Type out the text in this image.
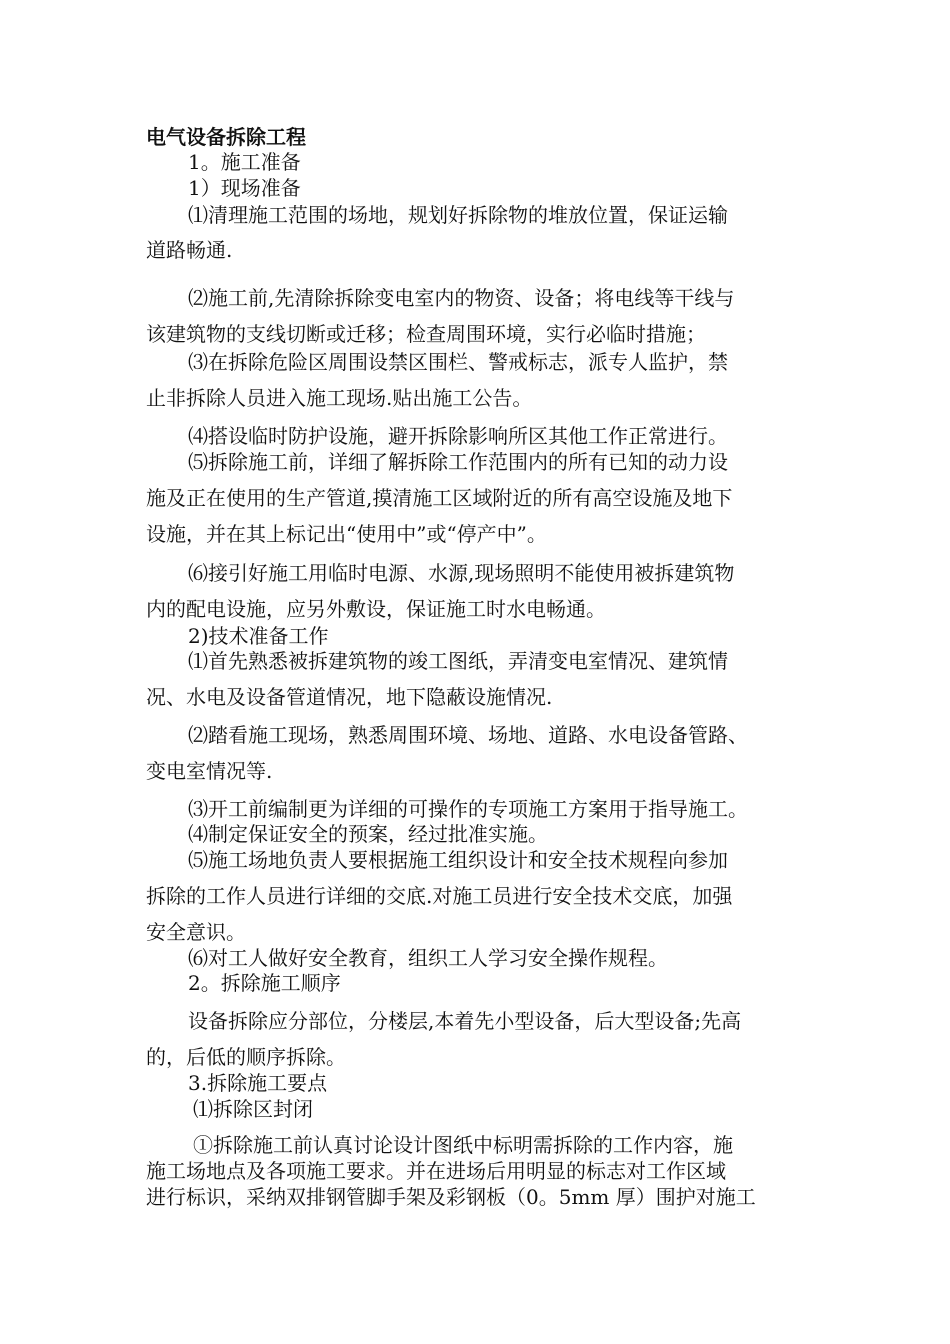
电气设备拆除工程
1。施工准备
1）现场准备
⑴清理施工范围的场地，规划好拆除物的堆放位置，保证运输
道路畅通.
⑵施工前,先清除拆除变电室内的物资、设备；将电线等干线与
该建筑物的支线切断或迁移；检查周围环境，实行必临时措施；
⑶在拆除危险区周围设禁区围栏、警戒标志，派专人监护，禁
止非拆除人员进入施工现场.贴出施工公告。
⑷搭设临时防护设施，避开拆除影响所区其他工作正常进行。
⑸拆除施工前，详细了解拆除工作范围内的所有已知的动力设
施及正在使用的生产管道,摸清施工区域附近的所有高空设施及地下
设施，并在其上标记出“使用中”或“停产中”。
⑹接引好施工用临时电源、水源,现场照明不能使用被拆建筑物
内的配电设施，应另外敷设，保证施工时水电畅通。
2)技术准备工作
⑴首先熟悉被拆建筑物的竣工图纸，弄清变电室情况、建筑情
况、水电及设备管道情况，地下隐蔽设施情况.
⑵踏看施工现场，熟悉周围环境、场地、道路、水电设备管路、
变电室情况等.
⑶开工前编制更为详细的可操作的专项施工方案用于指导施工。
⑷制定保证安全的预案，经过批准实施。
⑸施工场地负责人要根据施工组织设计和安全技术规程向参加
拆除的工作人员进行详细的交底.对施工员进行安全技术交底，加强
安全意识。
⑹对工人做好安全教育，组织工人学习安全操作规程。
2。拆除施工顺序
设备拆除应分部位，分楼层,本着先小型设备，后大型设备;先高
的，后低的顺序拆除。
3.拆除施工要点
⑴拆除区封闭
①拆除施工前认真讨论设计图纸中标明需拆除的工作内容，施
施工场地点及各项施工要求。并在进场后用明显的标志对工作区域
进行标识，采纳双排钢管脚手架及彩钢板（0。5mm 厚）围护对施工
